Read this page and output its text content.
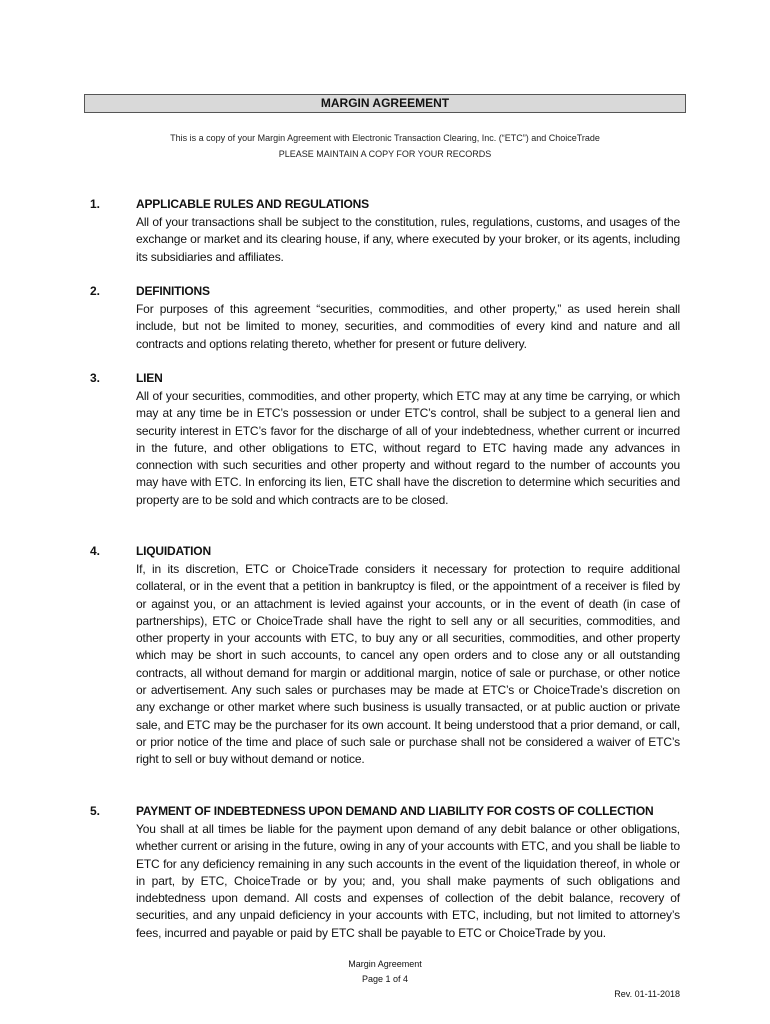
MARGIN AGREEMENT
This is a copy of your Margin Agreement with Electronic Transaction Clearing, Inc. (“ETC”) and ChoiceTrade
PLEASE MAINTAIN A COPY FOR YOUR RECORDS
1.	APPLICABLE RULES AND REGULATIONS
All of your transactions shall be subject to the constitution, rules, regulations, customs, and usages of the exchange or market and its clearing house, if any, where executed by your broker, or its agents, including its subsidiaries and affiliates.
2.	DEFINITIONS
For purposes of this agreement “securities, commodities, and other property,” as used herein shall include, but not be limited to money, securities, and commodities of every kind and nature and all contracts and options relating thereto, whether for present or future delivery.
3.	LIEN
All of your securities, commodities, and other property, which ETC may at any time be carrying, or which may at any time be in ETC’s possession or under ETC’s control, shall be subject to a general lien and security interest in ETC’s favor for the discharge of all of your indebtedness, whether current or incurred in the future, and other obligations to ETC, without regard to ETC having made any advances in connection with such securities and other property and without regard to the number of accounts you may have with ETC. In enforcing its lien, ETC shall have the discretion to determine which securities and property are to be sold and which contracts are to be closed.
4.	LIQUIDATION
If, in its discretion, ETC or ChoiceTrade considers it necessary for protection to require additional collateral, or in the event that a petition in bankruptcy is filed, or the appointment of a receiver is filed by or against you, or an attachment is levied against your accounts, or in the event of death (in case of partnerships), ETC or ChoiceTrade shall have the right to sell any or all securities, commodities, and other property in your accounts with ETC, to buy any or all securities, commodities, and other property which may be short in such accounts, to cancel any open orders and to close any or all outstanding contracts, all without demand for margin or additional margin, notice of sale or purchase, or other notice or advertisement. Any such sales or purchases may be made at ETC’s or ChoiceTrade’s discretion on any exchange or other market where such business is usually transacted, or at public auction or private sale, and ETC may be the purchaser for its own account. It being understood that a prior demand, or call, or prior notice of the time and place of such sale or purchase shall not be considered a waiver of ETC’s right to sell or buy without demand or notice.
5.	PAYMENT OF INDEBTEDNESS UPON DEMAND AND LIABILITY FOR COSTS OF COLLECTION
You shall at all times be liable for the payment upon demand of any debit balance or other obligations, whether current or arising in the future, owing in any of your accounts with ETC, and you shall be liable to ETC for any deficiency remaining in any such accounts in the event of the liquidation thereof, in whole or in part, by ETC, ChoiceTrade or by you; and, you shall make payments of such obligations and indebtedness upon demand. All costs and expenses of collection of the debit balance, recovery of securities, and any unpaid deficiency in your accounts with ETC, including, but not limited to attorney’s fees, incurred and payable or paid by ETC shall be payable to ETC or ChoiceTrade by you.
Margin Agreement
Page 1 of 4
Rev. 01-11-2018
